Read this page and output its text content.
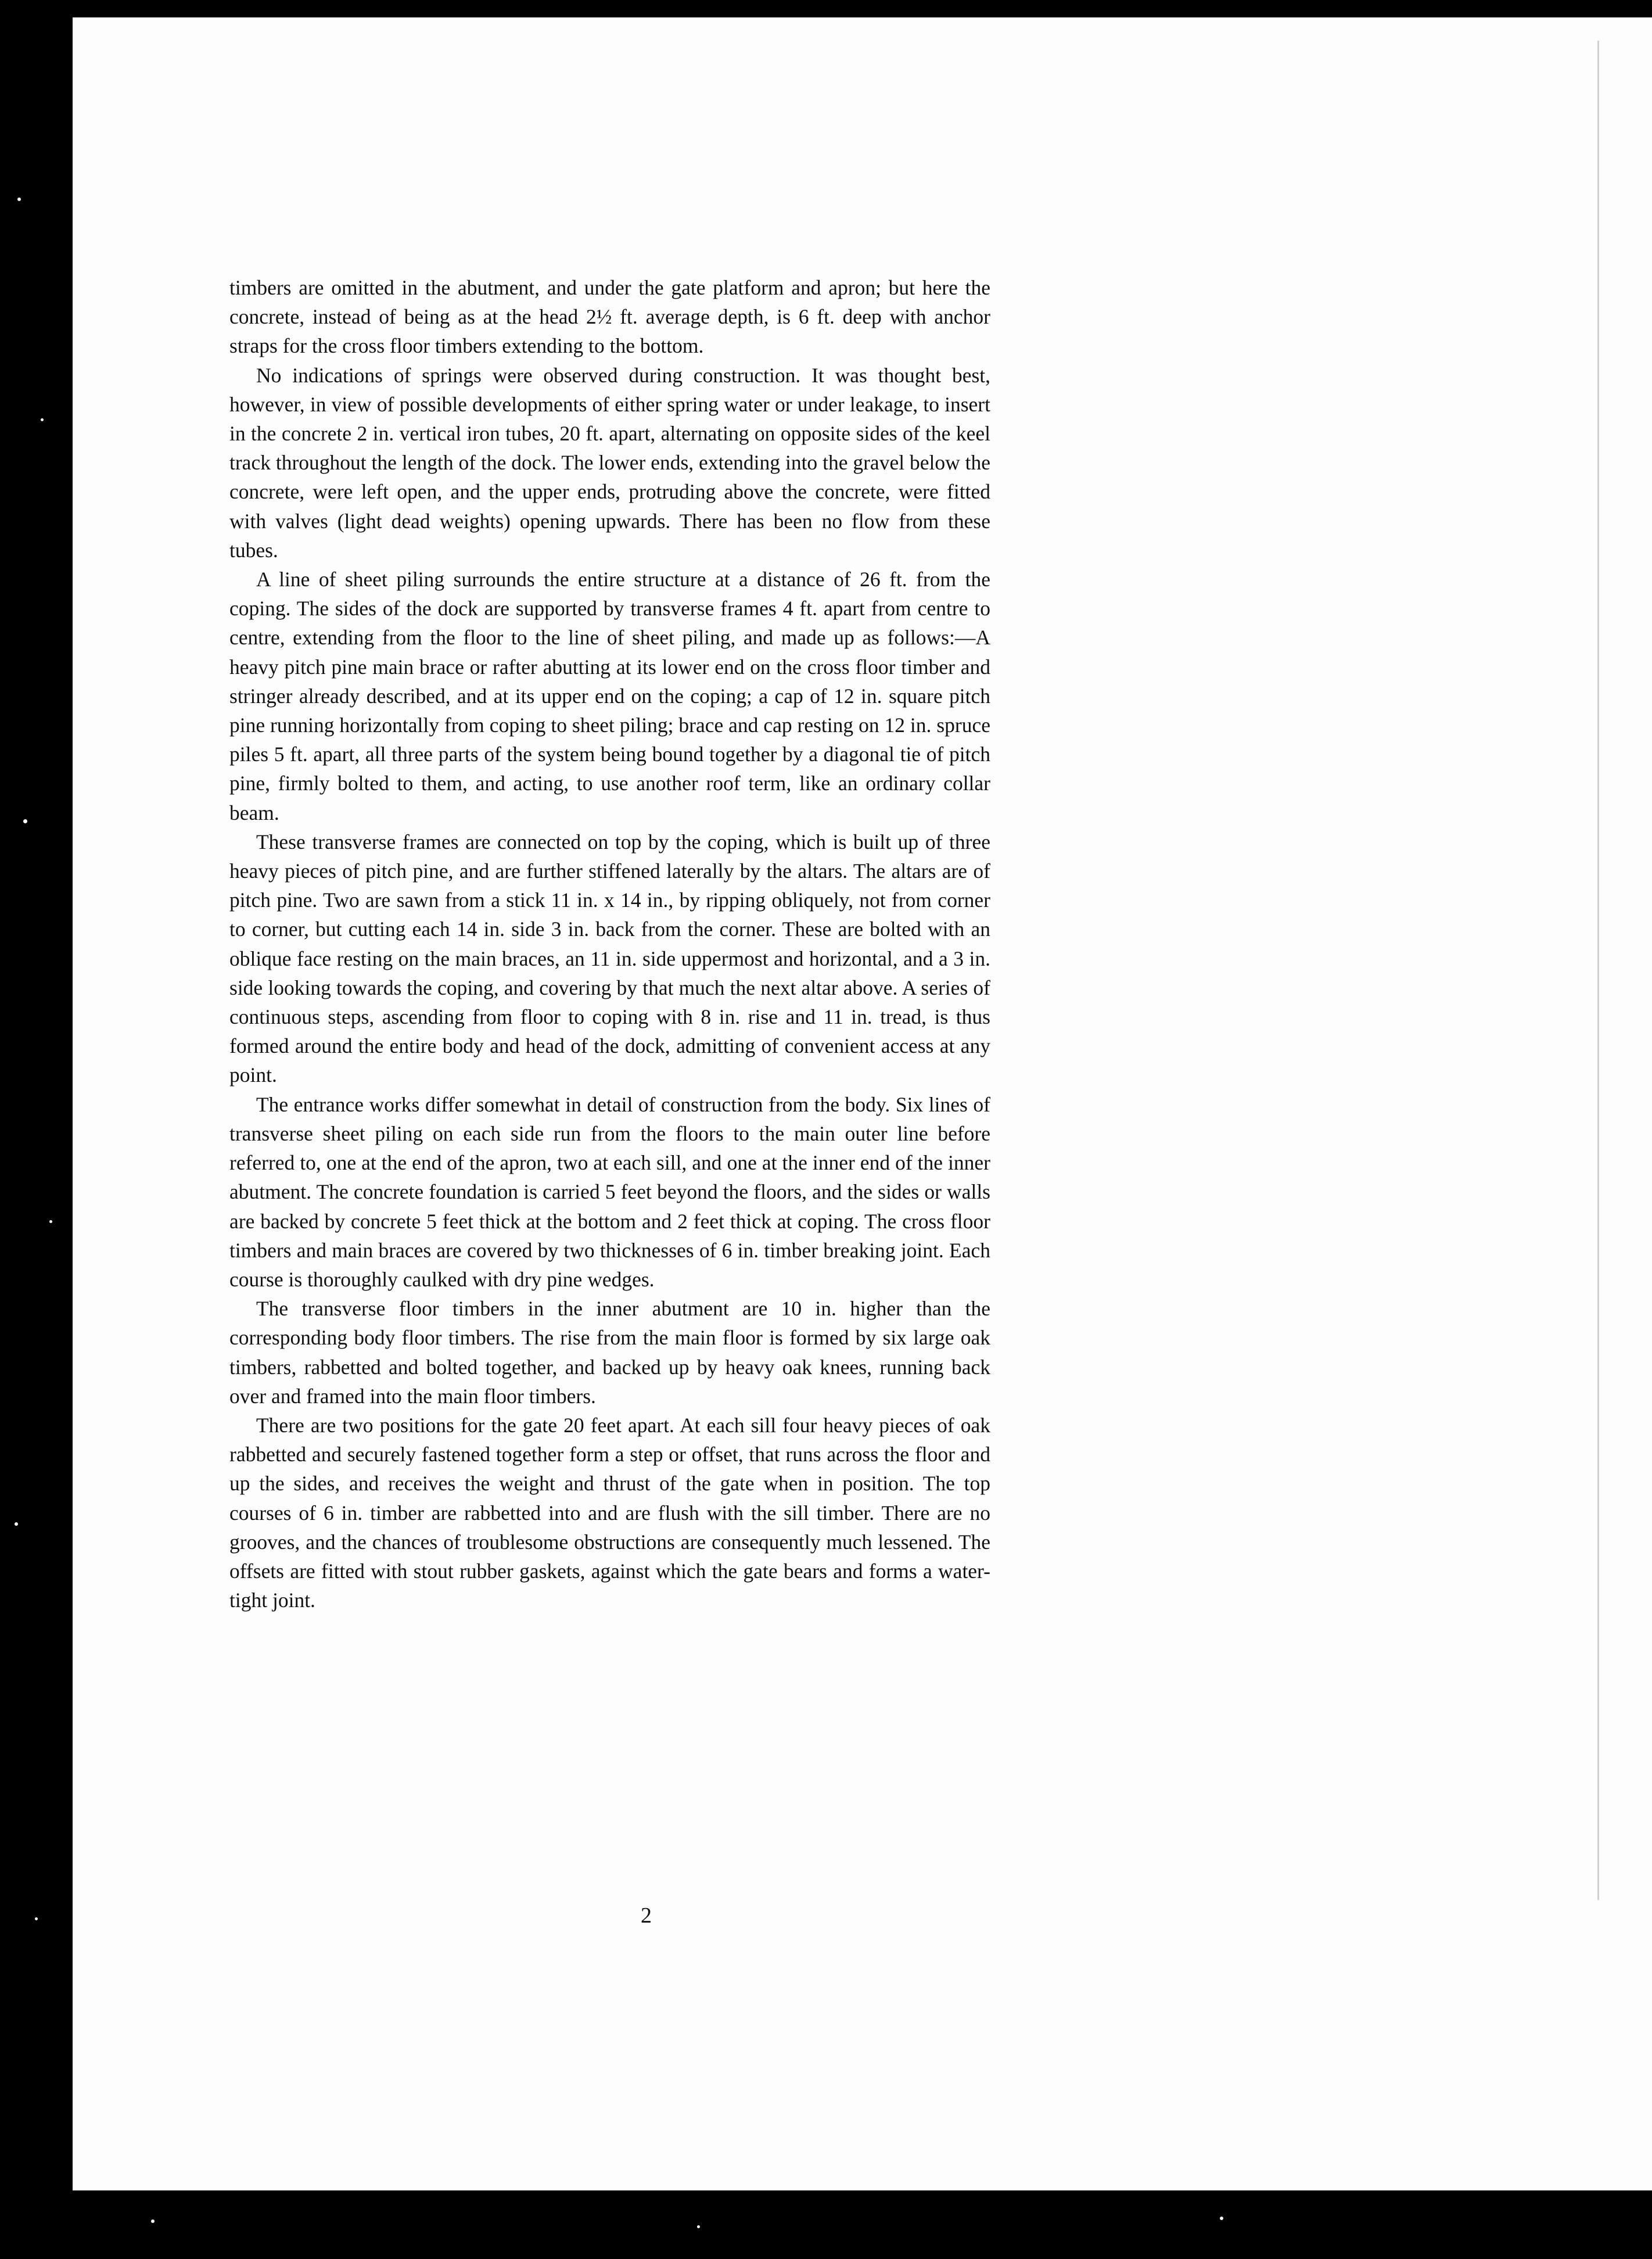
timbers are omitted in the abutment, and under the gate platform and apron; but here the concrete, instead of being as at the head 2½ ft. average depth, is 6 ft. deep with anchor straps for the cross floor timbers extending to the bottom.

No indications of springs were observed during construction. It was thought best, however, in view of possible developments of either spring water or under leakage, to insert in the concrete 2 in. vertical iron tubes, 20 ft. apart, alternating on opposite sides of the keel track throughout the length of the dock. The lower ends, extending into the gravel below the concrete, were left open, and the upper ends, protruding above the concrete, were fitted with valves (light dead weights) opening upwards. There has been no flow from these tubes.

A line of sheet piling surrounds the entire structure at a distance of 26 ft. from the coping. The sides of the dock are supported by transverse frames 4 ft. apart from centre to centre, extending from the floor to the line of sheet piling, and made up as follows:—A heavy pitch pine main brace or rafter abutting at its lower end on the cross floor timber and stringer already described, and at its upper end on the coping; a cap of 12 in. square pitch pine running horizontally from coping to sheet piling; brace and cap resting on 12 in. spruce piles 5 ft. apart, all three parts of the system being bound together by a diagonal tie of pitch pine, firmly bolted to them, and acting, to use another roof term, like an ordinary collar beam.

These transverse frames are connected on top by the coping, which is built up of three heavy pieces of pitch pine, and are further stiffened laterally by the altars. The altars are of pitch pine. Two are sawn from a stick 11 in. x 14 in., by ripping obliquely, not from corner to corner, but cutting each 14 in. side 3 in. back from the corner. These are bolted with an oblique face resting on the main braces, an 11 in. side uppermost and horizontal, and a 3 in. side looking towards the coping, and covering by that much the next altar above. A series of continuous steps, ascending from floor to coping with 8 in. rise and 11 in. tread, is thus formed around the entire body and head of the dock, admitting of convenient access at any point.

The entrance works differ somewhat in detail of construction from the body. Six lines of transverse sheet piling on each side run from the floors to the main outer line before referred to, one at the end of the apron, two at each sill, and one at the inner end of the inner abutment. The concrete foundation is carried 5 feet beyond the floors, and the sides or walls are backed by concrete 5 feet thick at the bottom and 2 feet thick at coping. The cross floor timbers and main braces are covered by two thicknesses of 6 in. timber breaking joint. Each course is thoroughly caulked with dry pine wedges.

The transverse floor timbers in the inner abutment are 10 in. higher than the corresponding body floor timbers. The rise from the main floor is formed by six large oak timbers, rabbetted and bolted together, and backed up by heavy oak knees, running back over and framed into the main floor timbers.

There are two positions for the gate 20 feet apart. At each sill four heavy pieces of oak rabbetted and securely fastened together form a step or offset, that runs across the floor and up the sides, and receives the weight and thrust of the gate when in position. The top courses of 6 in. timber are rabbetted into and are flush with the sill timber. There are no grooves, and the chances of troublesome obstructions are consequently much lessened. The offsets are fitted with stout rubber gaskets, against which the gate bears and forms a water-tight joint.

2
